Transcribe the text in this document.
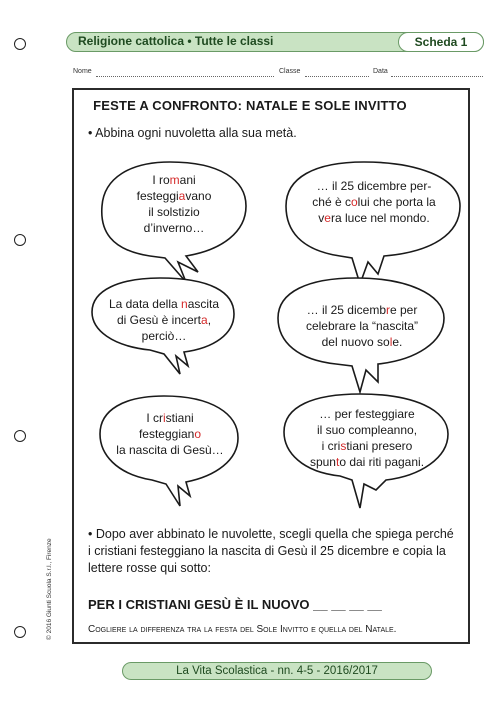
Religione cattolica • Tutte le classi	Scheda 1
Nome	Classe	Data
FESTE A CONFRONTO: NATALE E SOLE INVITTO
• Abbina ogni nuvoletta alla sua metà.
I romani
festeggiavano
il solstizio
d’inverno…
… il 25 dicembre per-
ché è colui che porta la
vera luce nel mondo.
La data della nascita
di Gesù è incerta,
perciò…
… il 25 dicembre per
celebrare la “nascita”
del nuovo sole.
I cristiani
festeggiano
la nascita di Gesù…
… per festeggiare
il suo compleanno,
i cristiani presero
spunto dai riti pagani.
• Dopo aver abbinato le nuvolette, scegli quella che spiega perché i cristiani festeggiano la nascita di Gesù il 25 dicembre e copia la lettere rosse qui sotto:
PER I CRISTIANI GESÙ È IL NUOVO __ __ __ __
Cogliere la differenza tra la festa del Sole Invitto e quella del Natale.
© 2016 Giunti Scuola S.r.l., Firenze
La Vita Scolastica - nn. 4-5 - 2016/2017
